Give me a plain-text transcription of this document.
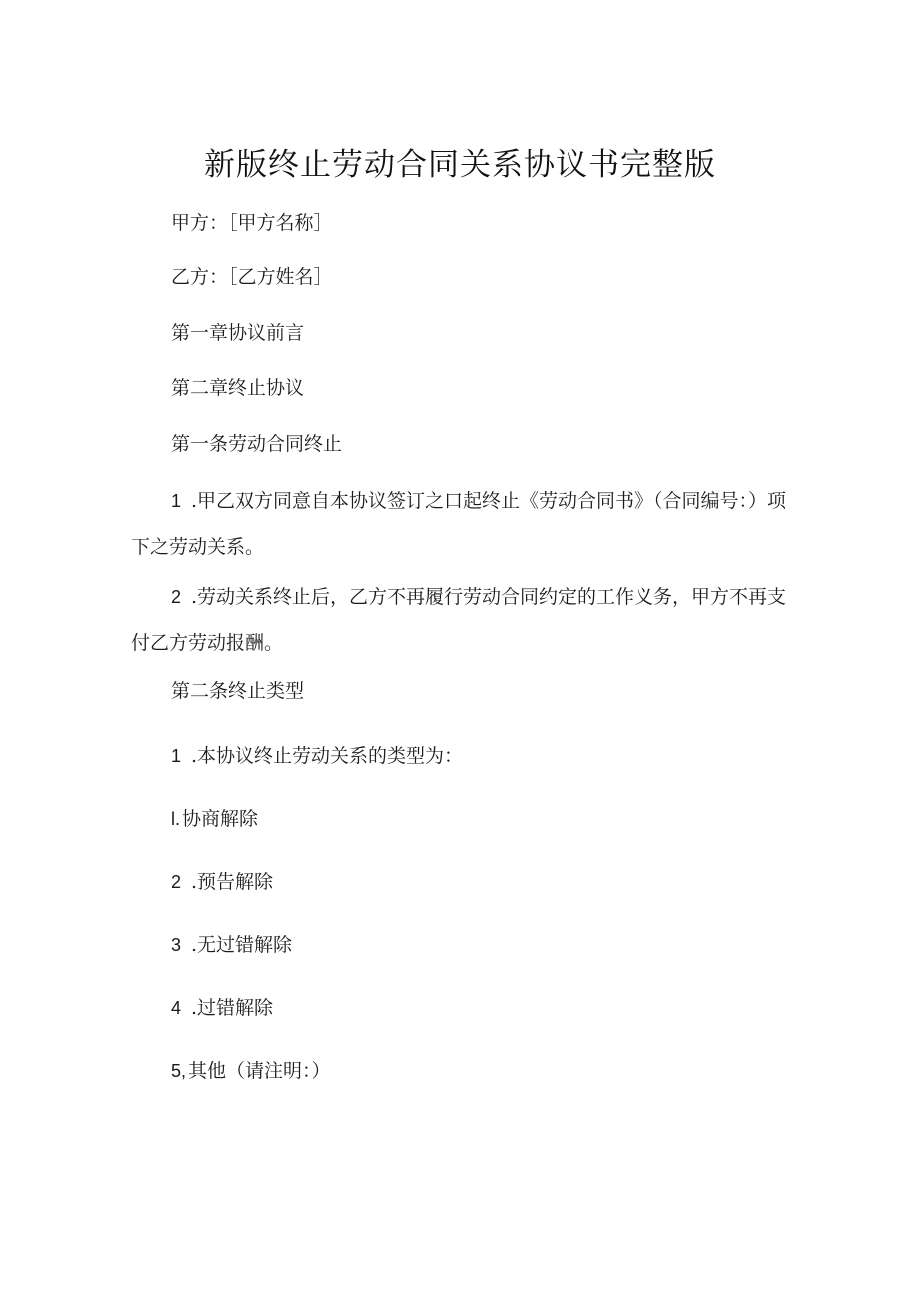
新版终止劳动合同关系协议书完整版
甲方：［甲方名称］
乙方：［乙方姓名］
第一章协议前言
第二章终止协议
第一条劳动合同终止
1 .甲乙双方同意自本协议签订之口起终止《劳动合同书》（合同编号：）项下之劳动关系。
2 .劳动关系终止后，乙方不再履行劳动合同约定的工作义务，甲方不再支付乙方劳动报酬。
第二条终止类型
1 .本协议终止劳动关系的类型为：
l. 协商解除
2 .预告解除
3 .无过错解除
4 .过错解除
5, 其他（请注明：）
